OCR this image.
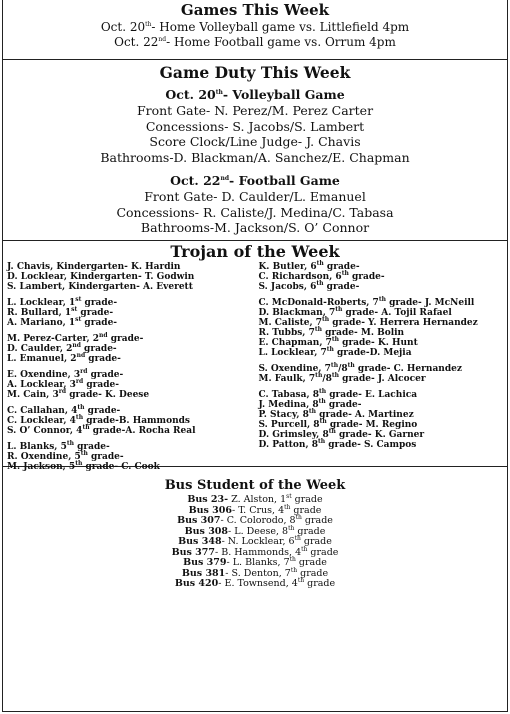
Games This Week
Oct. 20th- Home Volleyball game vs. Littlefield 4pm
Oct. 22nd- Home Football game vs. Orrum 4pm
Game Duty This Week
Oct. 20th- Volleyball Game
Front Gate- N. Perez/M. Perez Carter
Concessions- S. Jacobs/S. Lambert
Score Clock/Line Judge- J. Chavis
Bathrooms-D. Blackman/A. Sanchez/E. Chapman
Oct. 22nd- Football Game
Front Gate- D. Caulder/L. Emanuel
Concessions- R. Caliste/J. Medina/C. Tabasa
Bathrooms-M. Jackson/S. O’ Connor
Trojan of the Week
J. Chavis, Kindergarten- K. Hardin
D. Locklear, Kindergarten- T. Godwin
S. Lambert, Kindergarten- A. Everett
L. Locklear, 1st grade-
R. Bullard, 1st grade-
A. Mariano, 1st grade-
M. Perez-Carter, 2nd grade-
D. Caulder, 2nd grade-
L. Emanuel, 2nd grade-
E. Oxendine, 3rd grade-
A. Locklear, 3rd grade-
M. Cain, 3rd grade- K. Deese
C. Callahan, 4th grade-
C. Locklear, 4th grade-B. Hammonds
S. O’ Connor, 4th grade-A. Rocha Real
L. Blanks, 5th grade-
R. Oxendine, 5th grade-
M. Jackson, 5th grade- C. Cook
K. Butler, 6th grade-
C. Richardson, 6th grade-
S. Jacobs, 6th grade-
C. McDonald-Roberts, 7th grade- J. McNeill
D. Blackman, 7th grade- A. Tojil Rafael
M. Caliste, 7th grade- Y. Herrera Hernandez
R. Tubbs, 7th grade- M. Bolin
E. Chapman, 7th grade- K. Hunt
L. Locklear, 7th grade-D. Mejia
S. Oxendine, 7th/8th grade- C. Hernandez
M. Faulk, 7th/8th grade- J. Alcocer
C. Tabasa, 8th grade- E. Lachica
J. Medina, 8th grade-
P. Stacy, 8th grade- A. Martinez
S. Purcell, 8th grade- M. Regino
D. Grimsley, 8th grade- K. Garner
D. Patton, 8th grade- S. Campos
Bus Student of the Week
Bus 23- Z. Alston, 1st grade
Bus 306- T. Crus, 4th grade
Bus 307- C. Colorodo, 8th grade
Bus 308- L. Deese, 8th grade
Bus 348- N. Locklear, 6th grade
Bus 377- B. Hammonds, 4th grade
Bus 379- L. Blanks, 7th grade
Bus 381- S. Denton, 7th grade
Bus 420- E. Townsend, 4th grade
